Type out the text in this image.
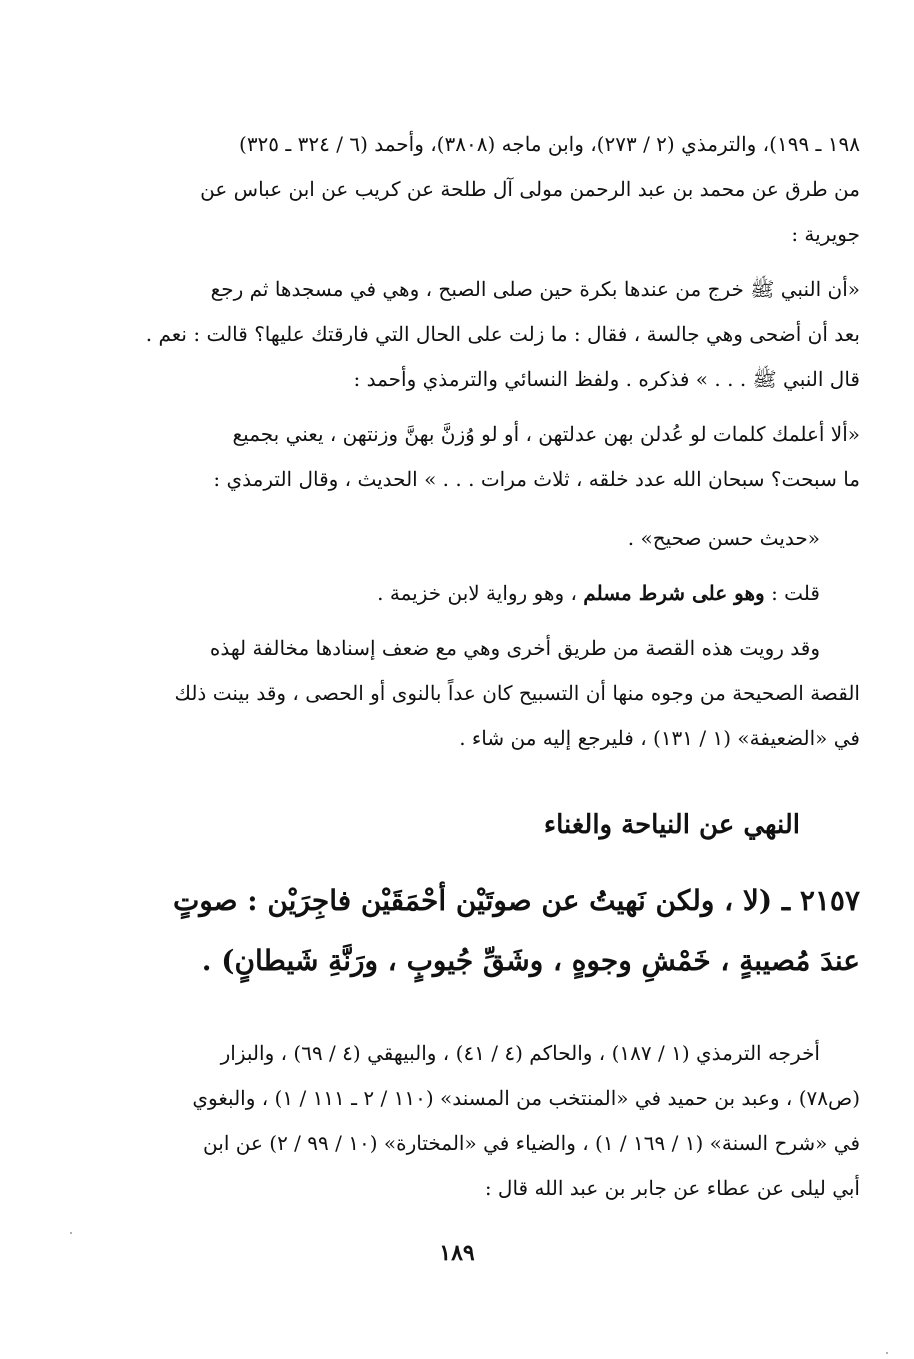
١٩٨ ـ ١٩٩)، والترمذي (٢ / ٢٧٣)، وابن ماجه (٣٨٠٨)، وأحمد (٦ / ٣٢٤ ـ ٣٢٥)

من طرق عن محمد بن عبد الرحمن مولى آل طلحة عن كريب عن ابن عباس عن

جويرية :

«أن النبي ﷺ خرج من عندها بكرة حين صلى الصبح ، وهي في مسجدها ثم رجع

بعد أن أضحى وهي جالسة ، فقال : ما زلت على الحال التي فارقتك عليها؟ قالت : نعم .

قال النبي ﷺ . . . » فذكره . ولفظ النسائي والترمذي وأحمد :

«ألا أعلمك كلمات لو عُدلن بهن عدلتهن ، أو لو وُزنَّ بهنَّ وزنتهن ، يعني بجميع

ما سبحت؟ سبحان الله عدد خلقه ، ثلاث مرات . . . » الحديث ، وقال الترمذي :

«حديث حسن صحيح» .

قلت : وهو على شرط مسلم ، وهو رواية لابن خزيمة .

وقد رويت هذه القصة من طريق أخرى وهي مع ضعف إسنادها مخالفة لهذه

القصة الصحيحة من وجوه منها أن التسبيح كان عداً بالنوى أو الحصى ، وقد بينت ذلك

في «الضعيفة» (١ / ١٣١) ، فليرجع إليه من شاء .

النهي عن النياحة والغناء

٢١٥٧ ـ (لا ، ولكن نَهيتُ عن صوتَيْن أحْمَقَيْن فاجِرَيْن : صوتٍ

عندَ مُصيبةٍ ، خَمْشِ وجوهٍ ، وشَقِّ جُيوبٍ ، ورَنَّةِ شَيطانٍ) .

أخرجه الترمذي (١ / ١٨٧) ، والحاكم (٤ / ٤١) ، والبيهقي (٤ / ٦٩) ، والبزار

(ص٧٨) ، وعبد بن حميد في «المنتخب من المسند» (١١٠ / ٢ ـ ١١١ / ١) ، والبغوي

في «شرح السنة» (١ / ١٦٩ / ١) ، والضياء في «المختارة» (١٠ / ٩٩ / ٢) عن ابن

أبي ليلى عن عطاء عن جابر بن عبد الله قال :

١٨٩
